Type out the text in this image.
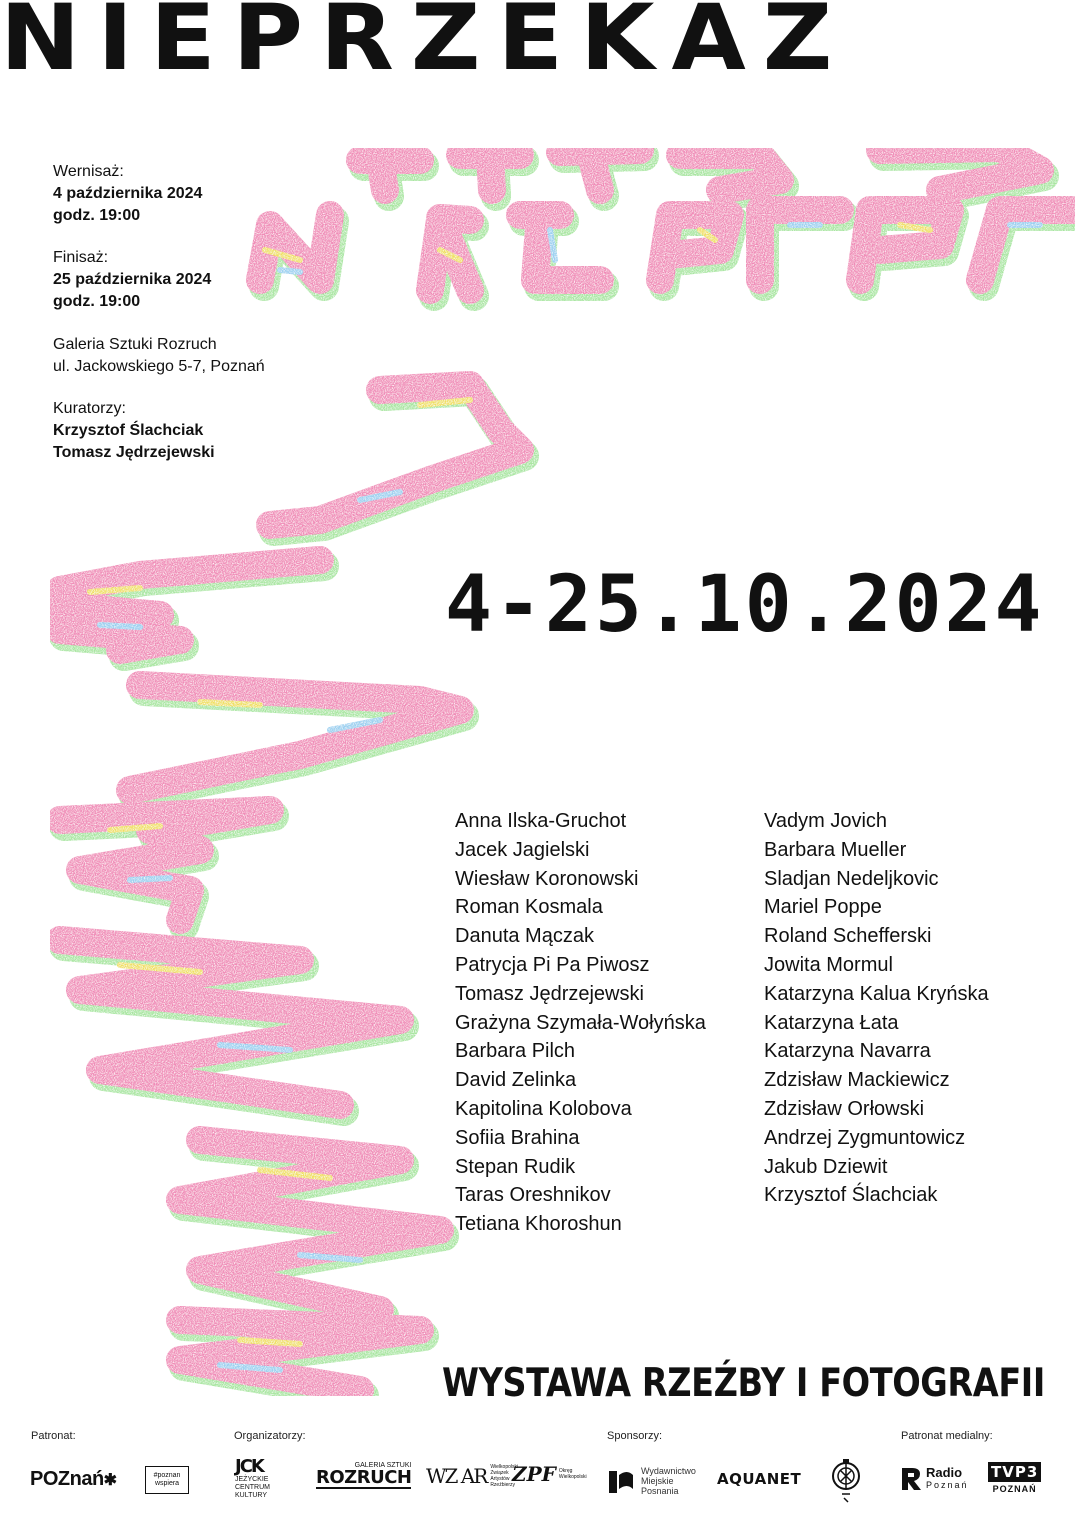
NIEPRZEKAZ
Wernisaż:
4 października 2024
godz. 19:00
Finisaż:
25 października 2024
godz. 19:00
Galeria Sztuki Rozruch
ul. Jackowskiego 5-7, Poznań
Kuratorzy:
Krzysztof Ślachciak
Tomasz Jędrzejewski
4-25.10.2024
Anna Ilska-Gruchot
Jacek Jagielski
Wiesław Koronowski
Roman Kosmala
Danuta Mączak
Patrycja Pi Pa Piwosz
Tomasz Jędrzejewski
Grażyna Szymała-Wołyńska
Barbara Pilch
David Zelinka
Kapitolina Kolobova
Sofiia Brahina
Stepan Rudik
Taras Oreshnikov
Tetiana Khoroshun
Vadym Jovich
Barbara Mueller
Sladjan Nedeljkovic
Mariel Poppe
Roland Schefferski
Jowita Mormul
Katarzyna Kalua Kryńska
Katarzyna Łata
Katarzyna Navarra
Zdzisław Mackiewicz
Zdzisław Orłowski
Andrzej Zygmuntowicz
Jakub Dziewit
Krzysztof Ślachciak
WYSTAWA RZEŹBY I FOTOGRAFII
Patronat:	Organizatorzy:	Sponsorzy:	Patronat medialny:
POZnań ✱	#poznan
wspiera
JCK
JEŻYCKIE
CENTRUM
KULTURY
GALERIA SZTUKI
ROZRUCH WZ AR Wielkopolski
Związek
Artystów
Rzeźbierzy
ZPF Okręg
Wielkopolski
Wydawnictwo
Miejskie
Posnania
AQUANET	Radio
Poznań
TVP3
POZNAŃ
